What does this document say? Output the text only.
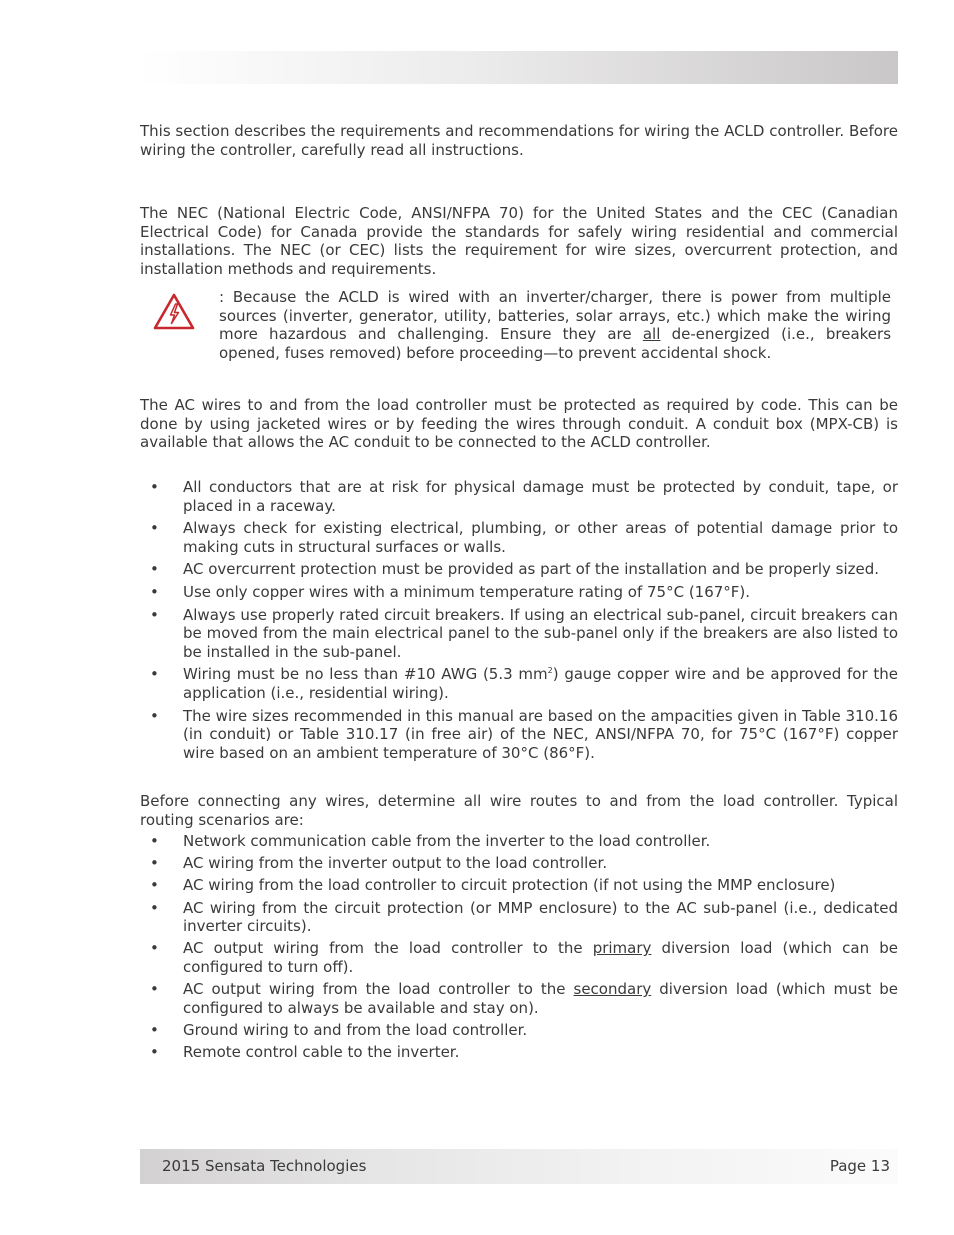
This section describes the requirements and recommendations for wiring the ACLD controller. Before wiring the controller, carefully read all instructions.

The NEC (National Electric Code, ANSI/NFPA 70) for the United States and the CEC (Canadian Electrical Code) for Canada provide the standards for safely wiring residential and commercial installations. The NEC (or CEC) lists the requirement for wire sizes, overcurrent protection, and installation methods and requirements.

: Because the ACLD is wired with an inverter/charger, there is power from multiple sources (inverter, generator, utility, batteries, solar arrays, etc.) which make the wiring more hazardous and challenging. Ensure they are all de-energized (i.e., breakers opened, fuses removed) before proceeding—to prevent accidental shock.

The AC wires to and from the load controller must be protected as required by code. This can be done by using jacketed wires or by feeding the wires through conduit. A conduit box (MPX-CB) is available that allows the AC conduit to be connected to the ACLD controller.

• All conductors that are at risk for physical damage must be protected by conduit, tape, or placed in a raceway.
• Always check for existing electrical, plumbing, or other areas of potential damage prior to making cuts in structural surfaces or walls.
• AC overcurrent protection must be provided as part of the installation and be properly sized.
• Use only copper wires with a minimum temperature rating of 75°C (167°F).
• Always use properly rated circuit breakers. If using an electrical sub-panel, circuit breakers can be moved from the main electrical panel to the sub-panel only if the breakers are also listed to be installed in the sub-panel.
• Wiring must be no less than #10 AWG (5.3 $mm^2$) gauge copper wire and be approved for the application (i.e., residential wiring).
• The wire sizes recommended in this manual are based on the ampacities given in Table 310.16 (in conduit) or Table 310.17 (in free air) of the NEC, ANSI/NFPA 70, for 75°C (167°F) copper wire based on an ambient temperature of 30°C (86°F).

Before connecting any wires, determine all wire routes to and from the load controller. Typical routing scenarios are:

• Network communication cable from the inverter to the load controller.
• AC wiring from the inverter output to the load controller.
• AC wiring from the load controller to circuit protection (if not using the MMP enclosure)
• AC wiring from the circuit protection (or MMP enclosure) to the AC sub-panel (i.e., dedicated inverter circuits).
• AC output wiring from the load controller to the primary diversion load (which can be configured to turn off).
• AC output wiring from the load controller to the secondary diversion load (which must be configured to always be available and stay on).
• Ground wiring to and from the load controller.
• Remote control cable to the inverter.
2015 Sensata Technologies	Page 13
